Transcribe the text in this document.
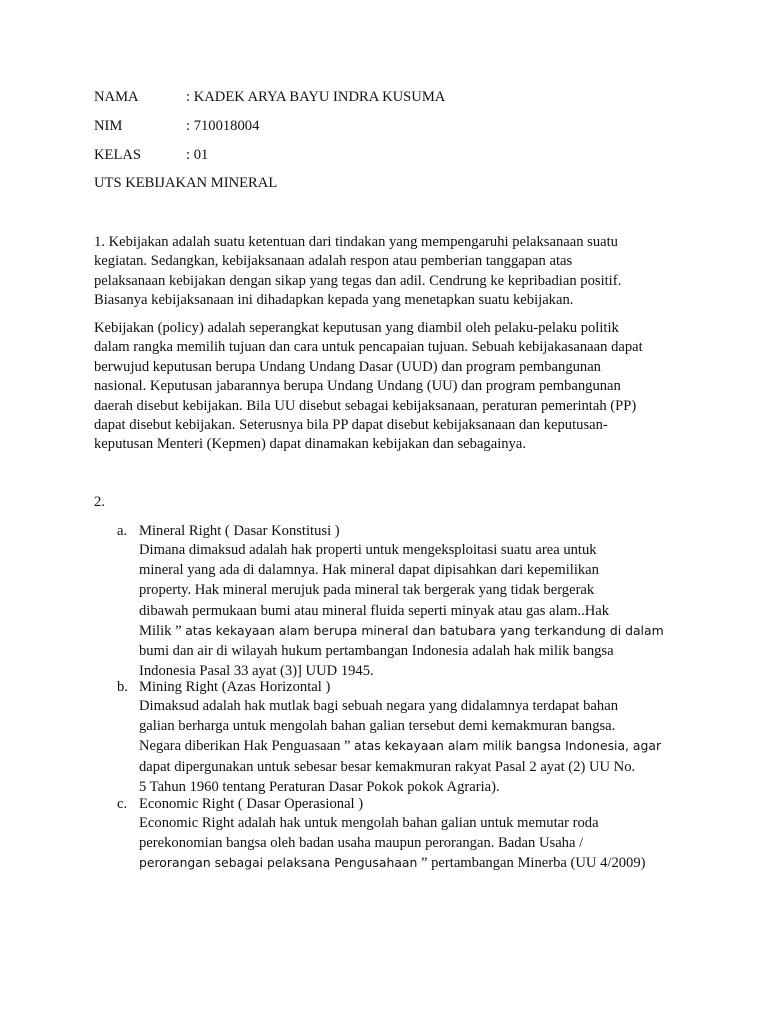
NAMA	: KADEK ARYA BAYU INDRA KUSUMA
NIM	: 710018004
KELAS	: 01
UTS KEBIJAKAN MINERAL
1. Kebijakan adalah suatu ketentuan dari tindakan yang mempengaruhi pelaksanaan suatu
kegiatan. Sedangkan, kebijaksanaan adalah respon atau pemberian tanggapan atas
pelaksanaan kebijakan dengan sikap yang tegas dan adil. Cendrung ke kepribadian positif.
Biasanya kebijaksanaan ini dihadapkan kepada yang menetapkan suatu kebijakan.
Kebijakan (policy) adalah seperangkat keputusan yang diambil oleh pelaku-pelaku politik
dalam rangka memilih tujuan dan cara untuk pencapaian tujuan. Sebuah kebijakasanaan dapat
berwujud keputusan berupa Undang Undang Dasar (UUD) dan program pembangunan
nasional. Keputusan jabarannya berupa Undang Undang (UU) dan program pembangunan
daerah disebut kebijakan. Bila UU disebut sebagai kebijaksanaan, peraturan pemerintah (PP)
dapat disebut kebijakan. Seterusnya bila PP dapat disebut kebijaksanaan dan keputusan-
keputusan Menteri (Kepmen) dapat dinamakan kebijakan dan sebagainya.
2.
a. Mineral Right ( Dasar Konstitusi )
Dimana dimaksud adalah hak properti untuk mengeksploitasi suatu area untuk
mineral yang ada di dalamnya. Hak mineral dapat dipisahkan dari kepemilikan
property. Hak mineral merujuk pada mineral tak bergerak yang tidak bergerak
dibawah permukaan bumi atau mineral fluida seperti minyak atau gas alam..Hak
Milik ” atas kekayaan alam berupa mineral dan batubara yang terkandung di dalam
bumi dan air di wilayah hukum pertambangan Indonesia adalah hak milik bangsa
Indonesia Pasal 33 ayat (3)] UUD 1945.
b. Mining Right (Azas Horizontal )
Dimaksud adalah hak mutlak bagi sebuah negara yang didalamnya terdapat bahan
galian berharga untuk mengolah bahan galian tersebut demi kemakmuran bangsa.
Negara diberikan Hak Penguasaan ” atas kekayaan alam milik bangsa Indonesia, agar
dapat dipergunakan untuk sebesar besar kemakmuran rakyat Pasal 2 ayat (2) UU No.
5 Tahun 1960 tentang Peraturan Dasar Pokok pokok Agraria).
c. Economic Right ( Dasar Operasional )
Economic Right adalah hak untuk mengolah bahan galian untuk memutar roda
perekonomian bangsa oleh badan usaha maupun perorangan. Badan Usaha /
perorangan sebagai pelaksana Pengusahaan ” pertambangan Minerba (UU 4/2009)
